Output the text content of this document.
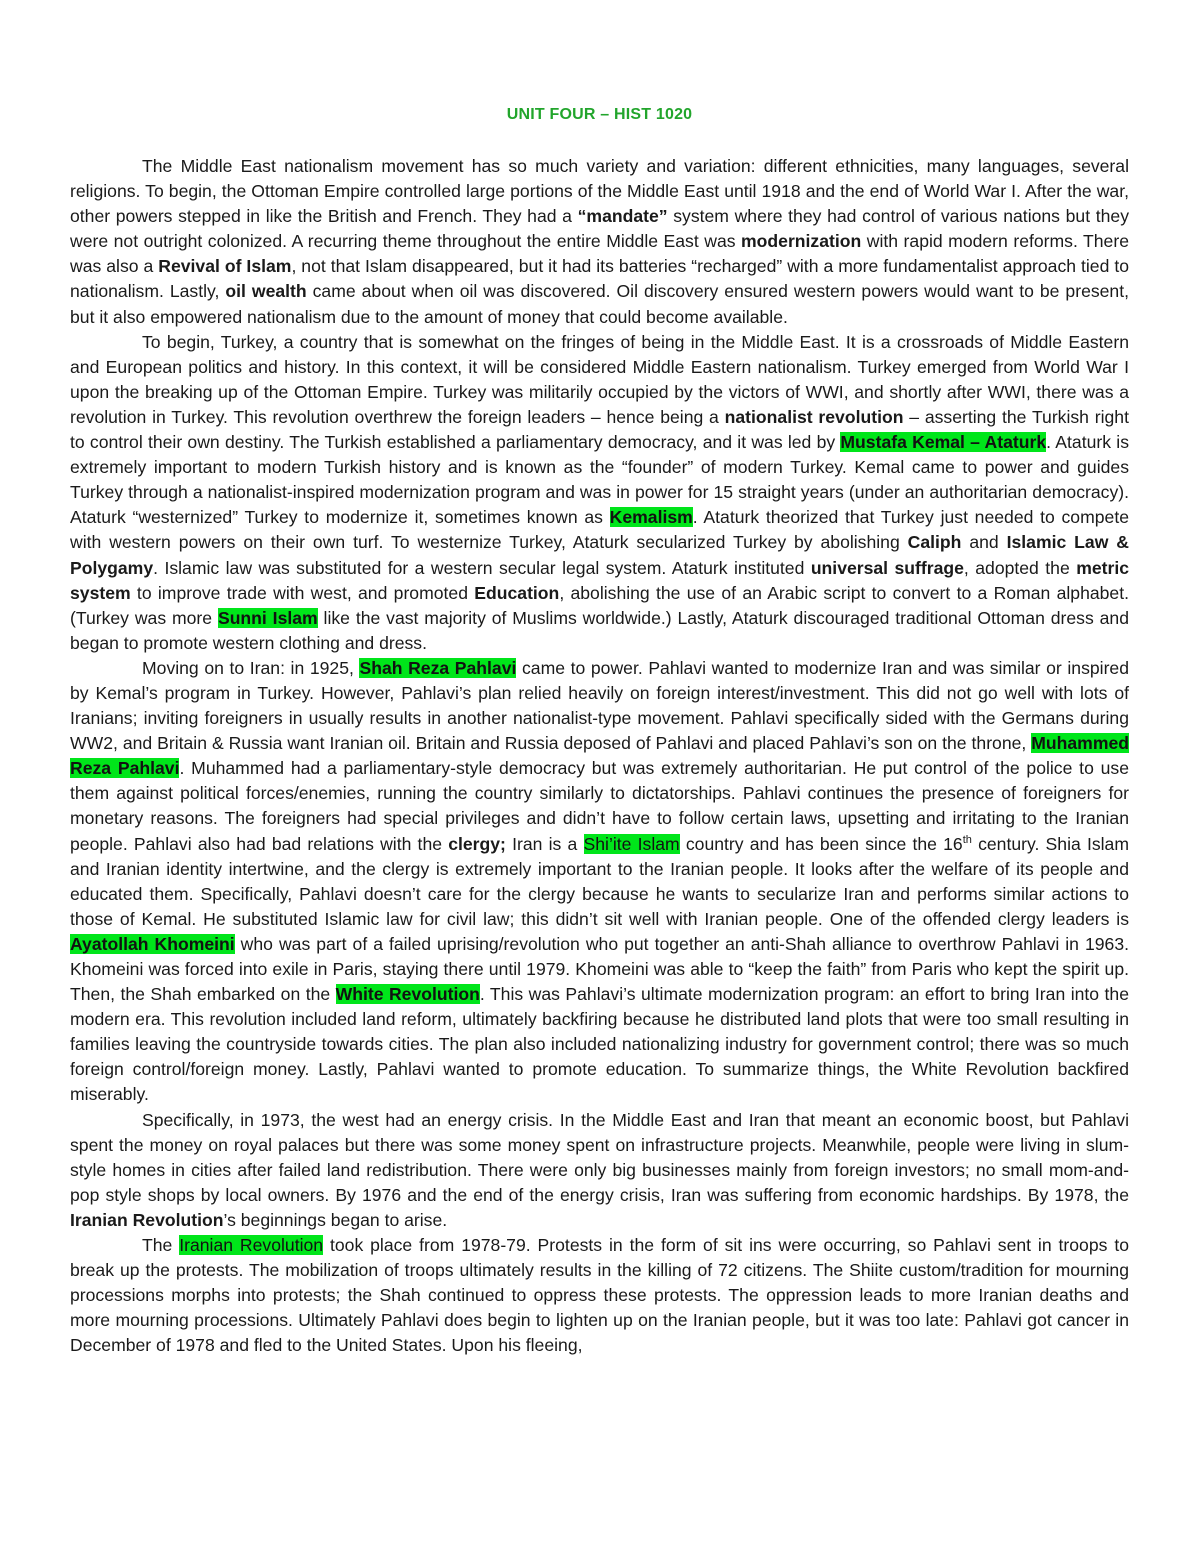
UNIT FOUR – HIST 1020

The Middle East nationalism movement has so much variety and variation: different ethnicities, many languages, several religions. To begin, the Ottoman Empire controlled large portions of the Middle East until 1918 and the end of World War I. After the war, other powers stepped in like the British and French. They had a “mandate” system where they had control of various nations but they were not outright colonized. A recurring theme throughout the entire Middle East was modernization with rapid modern reforms. There was also a Revival of Islam, not that Islam disappeared, but it had its batteries “recharged” with a more fundamentalist approach tied to nationalism. Lastly, oil wealth came about when oil was discovered. Oil discovery ensured western powers would want to be present, but it also empowered nationalism due to the amount of money that could become available.

To begin, Turkey, a country that is somewhat on the fringes of being in the Middle East. It is a crossroads of Middle Eastern and European politics and history. In this context, it will be considered Middle Eastern nationalism. Turkey emerged from World War I upon the breaking up of the Ottoman Empire. Turkey was militarily occupied by the victors of WWI, and shortly after WWI, there was a revolution in Turkey. This revolution overthrew the foreign leaders – hence being a nationalist revolution – asserting the Turkish right to control their own destiny. The Turkish established a parliamentary democracy, and it was led by Mustafa Kemal – Ataturk. Ataturk is extremely important to modern Turkish history and is known as the “founder” of modern Turkey. Kemal came to power and guides Turkey through a nationalist-inspired modernization program and was in power for 15 straight years (under an authoritarian democracy). Ataturk “westernized” Turkey to modernize it, sometimes known as Kemalism. Ataturk theorized that Turkey just needed to compete with western powers on their own turf. To westernize Turkey, Ataturk secularized Turkey by abolishing Caliph and Islamic Law & Polygamy. Islamic law was substituted for a western secular legal system. Ataturk instituted universal suffrage, adopted the metric system to improve trade with west, and promoted Education, abolishing the use of an Arabic script to convert to a Roman alphabet. (Turkey was more Sunni Islam like the vast majority of Muslims worldwide.) Lastly, Ataturk discouraged traditional Ottoman dress and began to promote western clothing and dress.

Moving on to Iran: in 1925, Shah Reza Pahlavi came to power. Pahlavi wanted to modernize Iran and was similar or inspired by Kemal’s program in Turkey. However, Pahlavi’s plan relied heavily on foreign interest/investment. This did not go well with lots of Iranians; inviting foreigners in usually results in another nationalist-type movement. Pahlavi specifically sided with the Germans during WW2, and Britain & Russia want Iranian oil. Britain and Russia deposed of Pahlavi and placed Pahlavi’s son on the throne, Muhammed Reza Pahlavi. Muhammed had a parliamentary-style democracy but was extremely authoritarian. He put control of the police to use them against political forces/enemies, running the country similarly to dictatorships. Pahlavi continues the presence of foreigners for monetary reasons. The foreigners had special privileges and didn’t have to follow certain laws, upsetting and irritating to the Iranian people. Pahlavi also had bad relations with the clergy; Iran is a Shi’ite Islam country and has been since the 16th century. Shia Islam and Iranian identity intertwine, and the clergy is extremely important to the Iranian people. It looks after the welfare of its people and educated them. Specifically, Pahlavi doesn’t care for the clergy because he wants to secularize Iran and performs similar actions to those of Kemal. He substituted Islamic law for civil law; this didn’t sit well with Iranian people. One of the offended clergy leaders is Ayatollah Khomeini who was part of a failed uprising/revolution who put together an anti-Shah alliance to overthrow Pahlavi in 1963. Khomeini was forced into exile in Paris, staying there until 1979. Khomeini was able to “keep the faith” from Paris who kept the spirit up. Then, the Shah embarked on the White Revolution. This was Pahlavi’s ultimate modernization program: an effort to bring Iran into the modern era. This revolution included land reform, ultimately backfiring because he distributed land plots that were too small resulting in families leaving the countryside towards cities. The plan also included nationalizing industry for government control; there was so much foreign control/foreign money. Lastly, Pahlavi wanted to promote education. To summarize things, the White Revolution backfired miserably.

Specifically, in 1973, the west had an energy crisis. In the Middle East and Iran that meant an economic boost, but Pahlavi spent the money on royal palaces but there was some money spent on infrastructure projects. Meanwhile, people were living in slum-style homes in cities after failed land redistribution. There were only big businesses mainly from foreign investors; no small mom-and-pop style shops by local owners. By 1976 and the end of the energy crisis, Iran was suffering from economic hardships. By 1978, the Iranian Revolution’s beginnings began to arise.

The Iranian Revolution took place from 1978-79. Protests in the form of sit ins were occurring, so Pahlavi sent in troops to break up the protests. The mobilization of troops ultimately results in the killing of 72 citizens. The Shiite custom/tradition for mourning processions morphs into protests; the Shah continued to oppress these protests. The oppression leads to more Iranian deaths and more mourning processions. Ultimately Pahlavi does begin to lighten up on the Iranian people, but it was too late: Pahlavi got cancer in December of 1978 and fled to the United States. Upon his fleeing,
